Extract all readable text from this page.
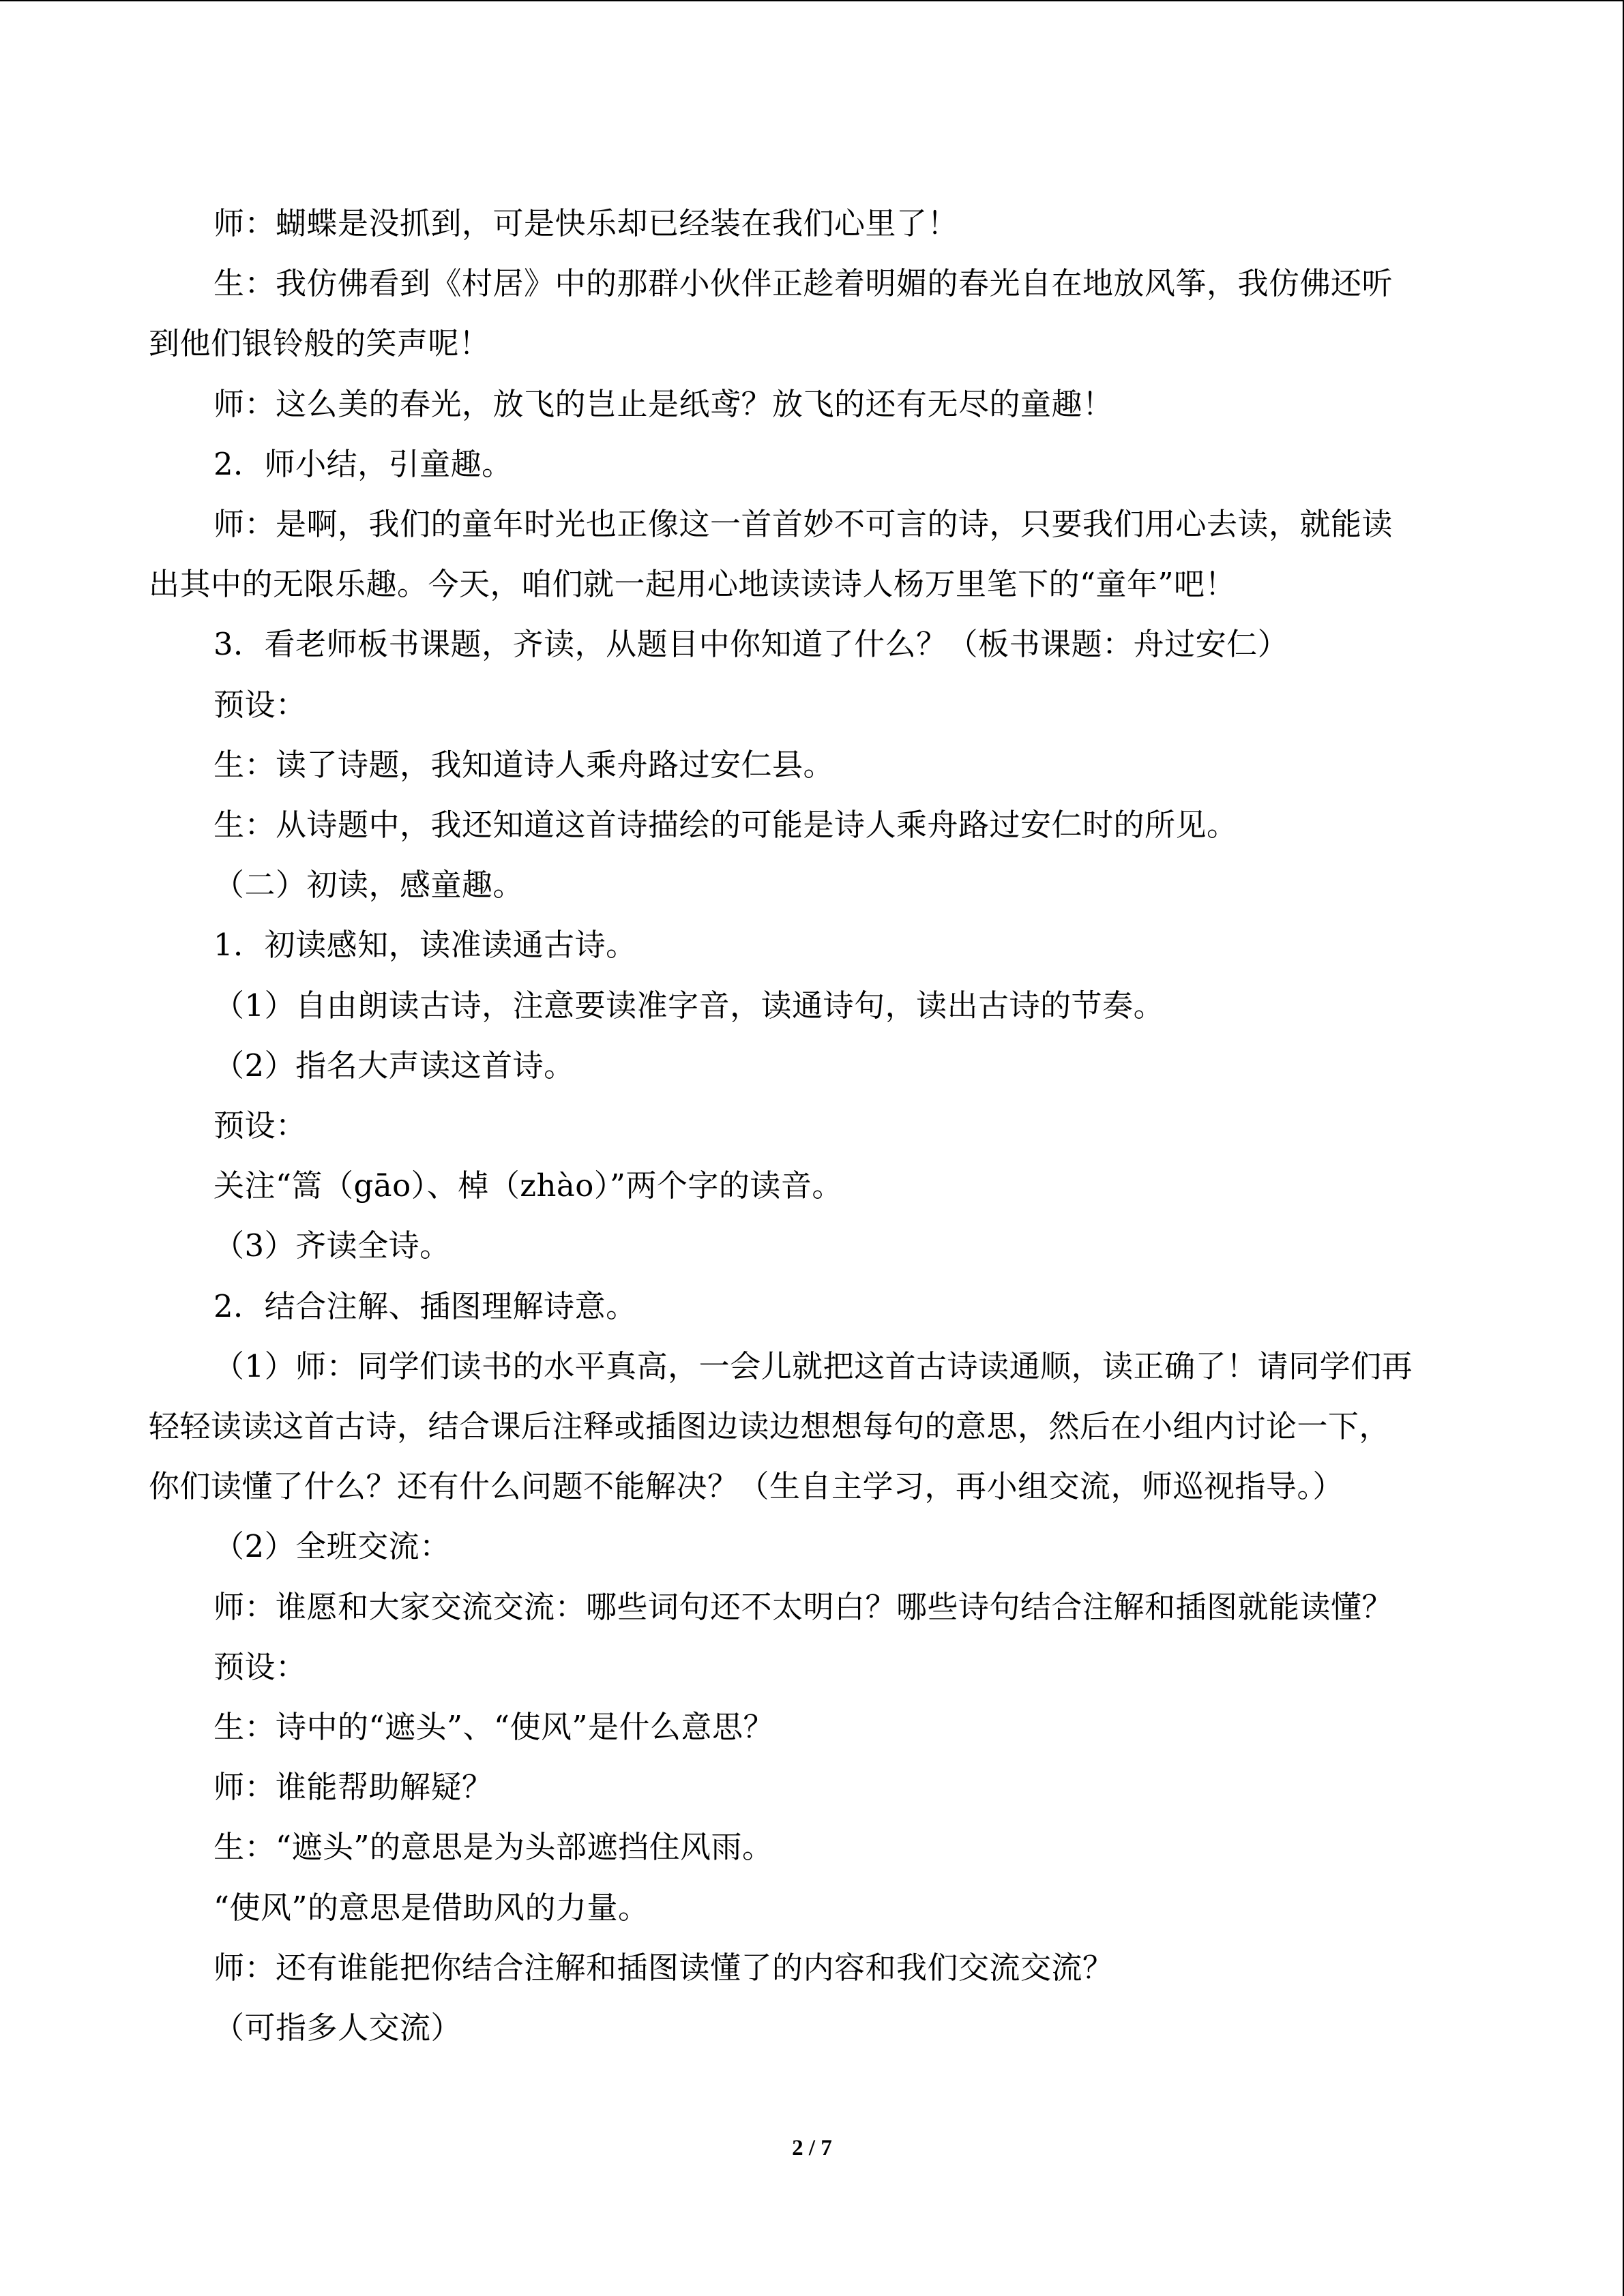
师：蝴蝶是没抓到，可是快乐却已经装在我们心里了！
生：我仿佛看到《村居》中的那群小伙伴正趁着明媚的春光自在地放风筝，我仿佛还听
到他们银铃般的笑声呢！
师：这么美的春光，放飞的岂止是纸鸢？放飞的还有无尽的童趣！
2．师小结，引童趣。
师：是啊，我们的童年时光也正像这一首首妙不可言的诗，只要我们用心去读，就能读
出其中的无限乐趣。今天，咱们就一起用心地读读诗人杨万里笔下的“童年”吧！
3．看老师板书课题，齐读，从题目中你知道了什么？（板书课题：舟过安仁）
预设：
生：读了诗题，我知道诗人乘舟路过安仁县。
生：从诗题中，我还知道这首诗描绘的可能是诗人乘舟路过安仁时的所见。
（二）初读，感童趣。
1．初读感知，读准读通古诗。
（1）自由朗读古诗，注意要读准字音，读通诗句，读出古诗的节奏。
（2）指名大声读这首诗。
预设：
关注“篙（gāo）、棹（zhào）”两个字的读音。
（3）齐读全诗。
2．结合注解、插图理解诗意。
（1）师：同学们读书的水平真高，一会儿就把这首古诗读通顺，读正确了！请同学们再
轻轻读读这首古诗，结合课后注释或插图边读边想想每句的意思，然后在小组内讨论一下，
你们读懂了什么？还有什么问题不能解决？（生自主学习，再小组交流，师巡视指导。）
（2）全班交流：
师：谁愿和大家交流交流：哪些词句还不太明白？哪些诗句结合注解和插图就能读懂？
预设：
生：诗中的“遮头”、“使风”是什么意思？
师：谁能帮助解疑？
生：“遮头”的意思是为头部遮挡住风雨。
“使风”的意思是借助风的力量。
师：还有谁能把你结合注解和插图读懂了的内容和我们交流交流？
（可指多人交流）
2 / 7
